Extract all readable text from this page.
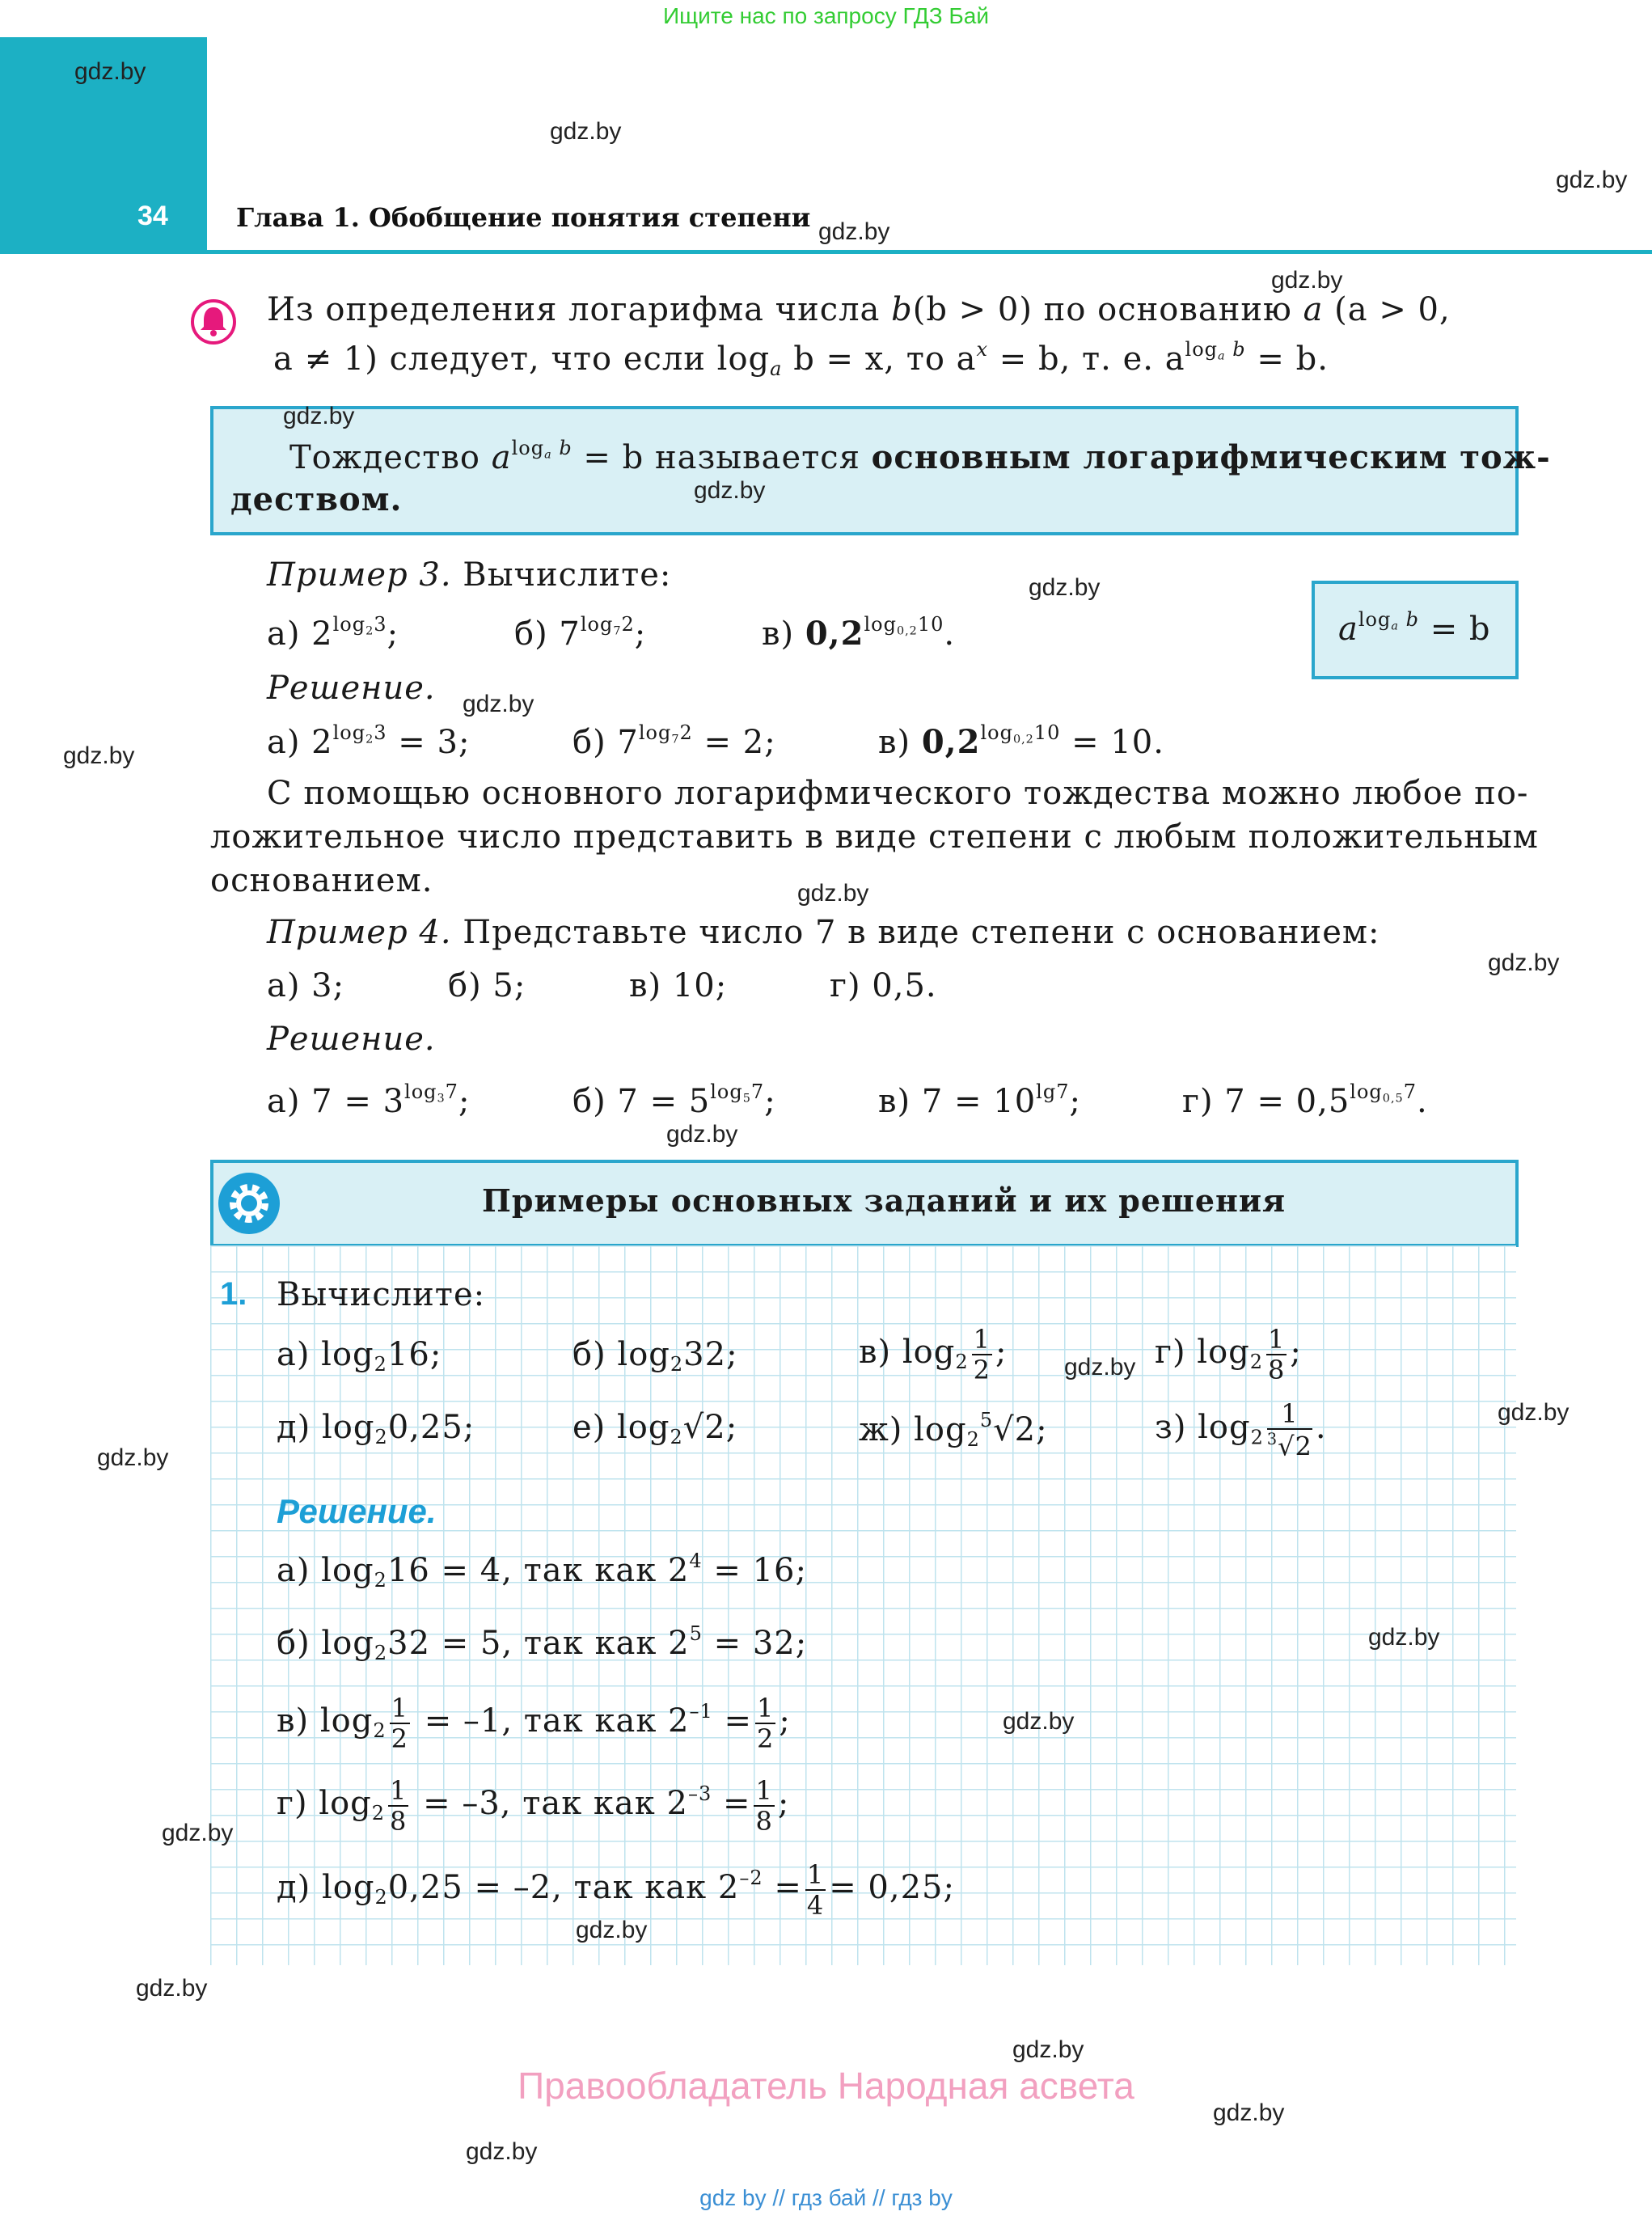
Ищите нас по запросу ГДЗ Бай
34	Глава 1. Обобщение понятия степени
Из определения логарифма числа b(b > 0) по основанию a (a > 0,
a ≠ 1) следует, что если $\log_a b = x$, то $a^x = b$, т. е. $a^{log_a b} = b$.
Тождество $a^{log_a b} = b$ называется основным логарифмическим тож-
деством.
Пример 3. Вычислите:
а) $2^{log_23}$;	б) $7^{log_72}$;	в) $0,2^{log_{0,2}10}$.	$a^{log_a b} = b$
Решение.
а) $2^{log_23} = 3$;	б) $7^{log_72} = 2$;	в) $0,2^{log_{0,2}10} = 10$.
С помощью основного логарифмического тождества можно любое по-
ложительное число представить в виде степени с любым положительным
основанием.
Пример 4. Представьте число 7 в виде степени с основанием:
а) 3;	б) 5;	в) 10;	г) 0,5.
Решение.
а) $7 = 3^{log_37}$;	б) $7 = 5^{log_57}$;	в) $7 = 10^{lg7}$;	г) $7 = 0,5^{log_{0,5}7}$.
Примеры основных заданий и их решения
1. Вычислите:
а) $\log_216$;	б) $\log_232$;	в) $\log_2 \frac{1}{2}$ ;	г) $\log_2 \frac{1}{8}$ ;
д) $\log_20,25$;	е) $\log_2√2$;	ж) $\log_2^5√2$;	з) $\log_2 \frac{1}{^3√2}$ .
Решение.
а) $\log_216 = 4$, так как $2^4 = 16$;
б) $\log_232 = 5$, так как $2^5 = 32$;
в) $\log_2 \frac{1}{2} = -1$, так как $2^{-1} = \frac{1}{2}$ ;
г) $\log_2 \frac{1}{8} = -3$, так как $2^{-3} = \frac{1}{8}$ ;
д) $\log_20,25 = -2$, так как $2^{-2} = \frac{1}{4} = 0,25$;
gdz.by
gdz.by
gdz.by
gdz.by
gdz.by
gdz.by
gdz.by
gdz.by
gdz.by
gdz.by
gdz.by
gdz.by
gdz.by
gdz.by
gdz.by
gdz.by
gdz.by
gdz.by
gdz.by
gdz.by
gdz.by
gdz.by
gdz.by
gdz.by
Правообладатель Народная асвета
gdz by // гдз бай // гдз by
